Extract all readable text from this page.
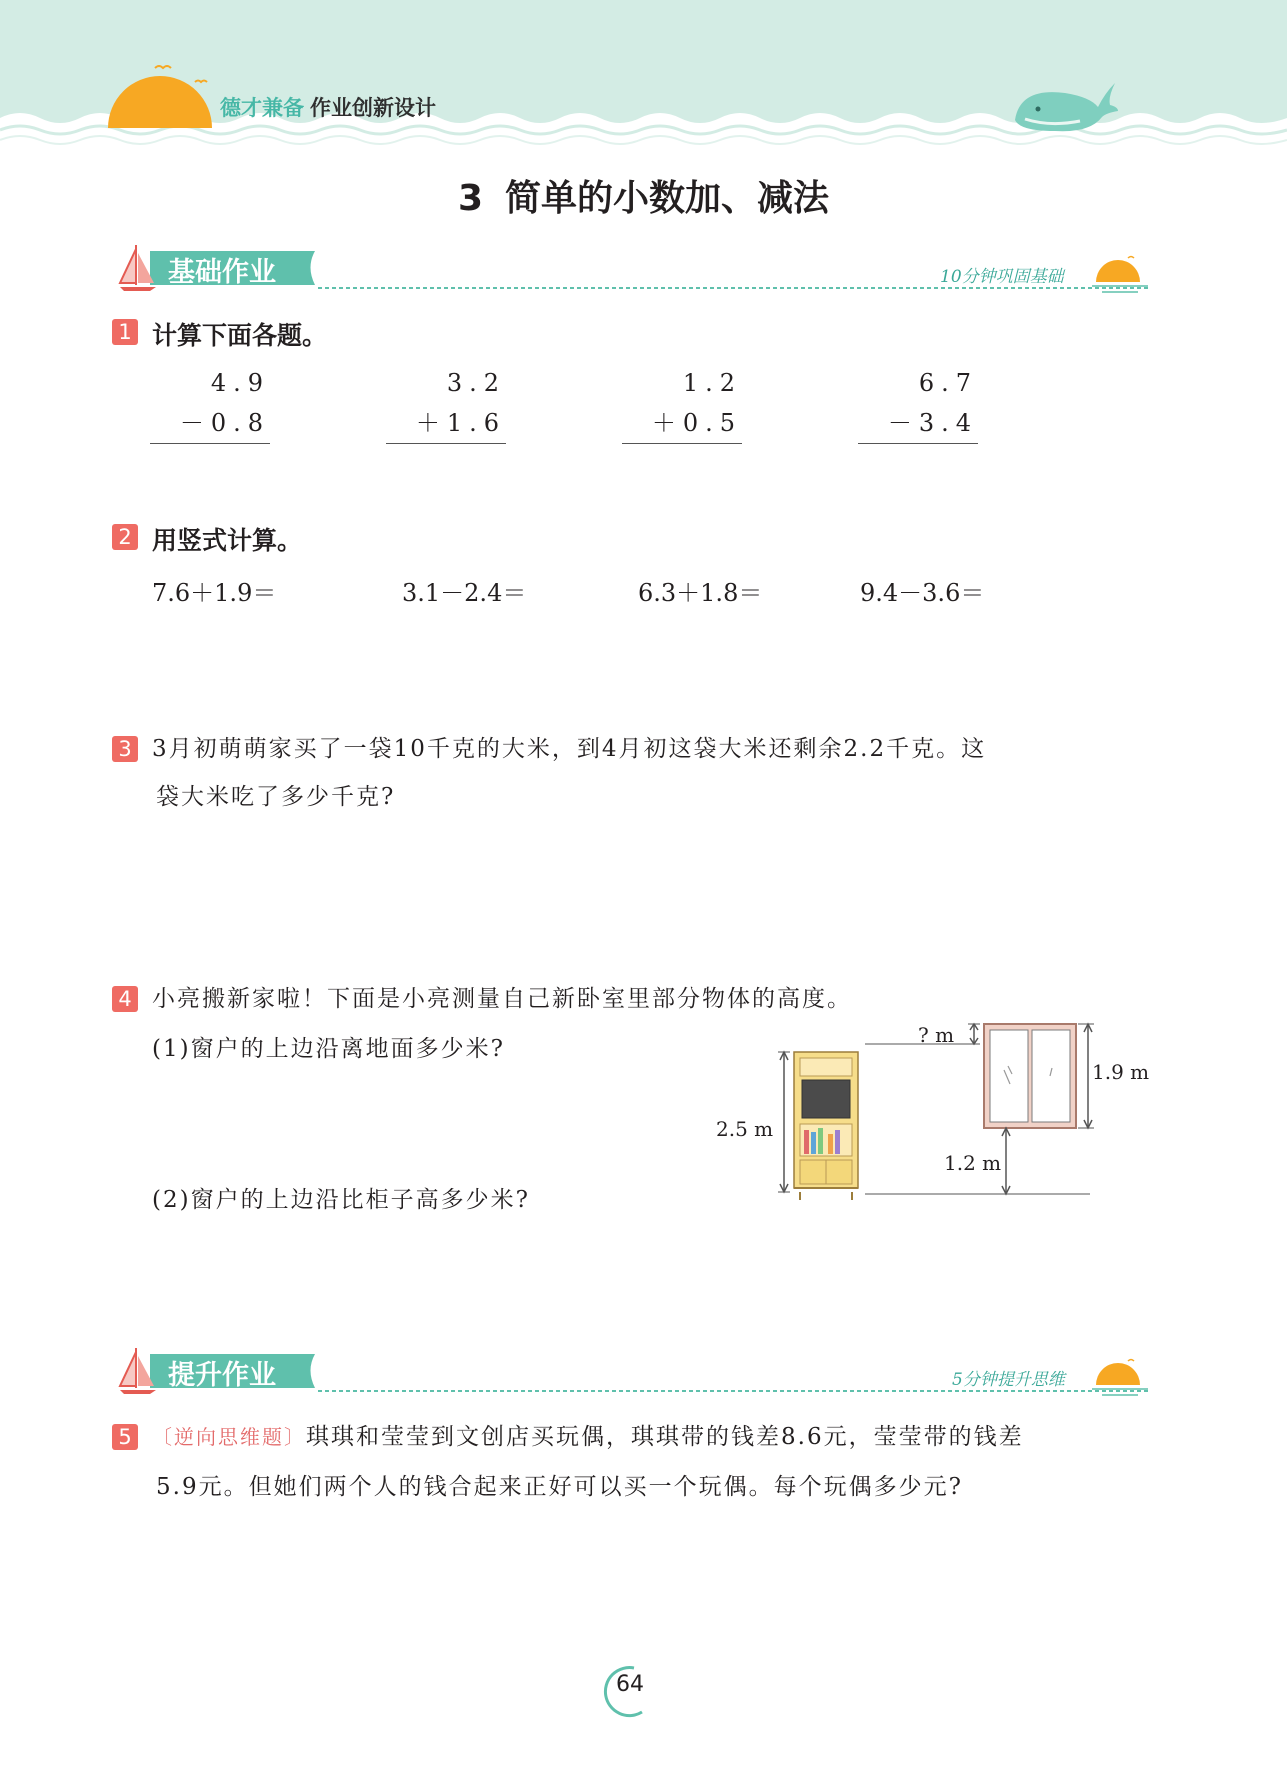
德才兼备 作业创新设计
3 简单的小数加、减法
基础作业	10分钟巩固基础
1 计算下面各题。
4.9
－0.8
3.2
＋1.6
1.2
＋0.5
6.7
－3.4
2 用竖式计算。
7.6＋1.9＝	3.1－2.4＝	6.3＋1.8＝	9.4－3.6＝
3 3月初萌萌家买了一袋10千克的大米，到4月初这袋大米还剩余2.2千克。这
袋大米吃了多少千克?
4 小亮搬新家啦！下面是小亮测量自己新卧室里部分物体的高度。
(1)窗户的上边沿离地面多少米?
(2)窗户的上边沿比柜子高多少米?
2.5 m
? m
1.9 m
1.2 m
提升作业	5分钟提升思维
5	〔逆向思维题〕琪琪和莹莹到文创店买玩偶，琪琪带的钱差8.6元，莹莹带的钱差
5.9元。但她们两个人的钱合起来正好可以买一个玩偶。每个玩偶多少元?
64
